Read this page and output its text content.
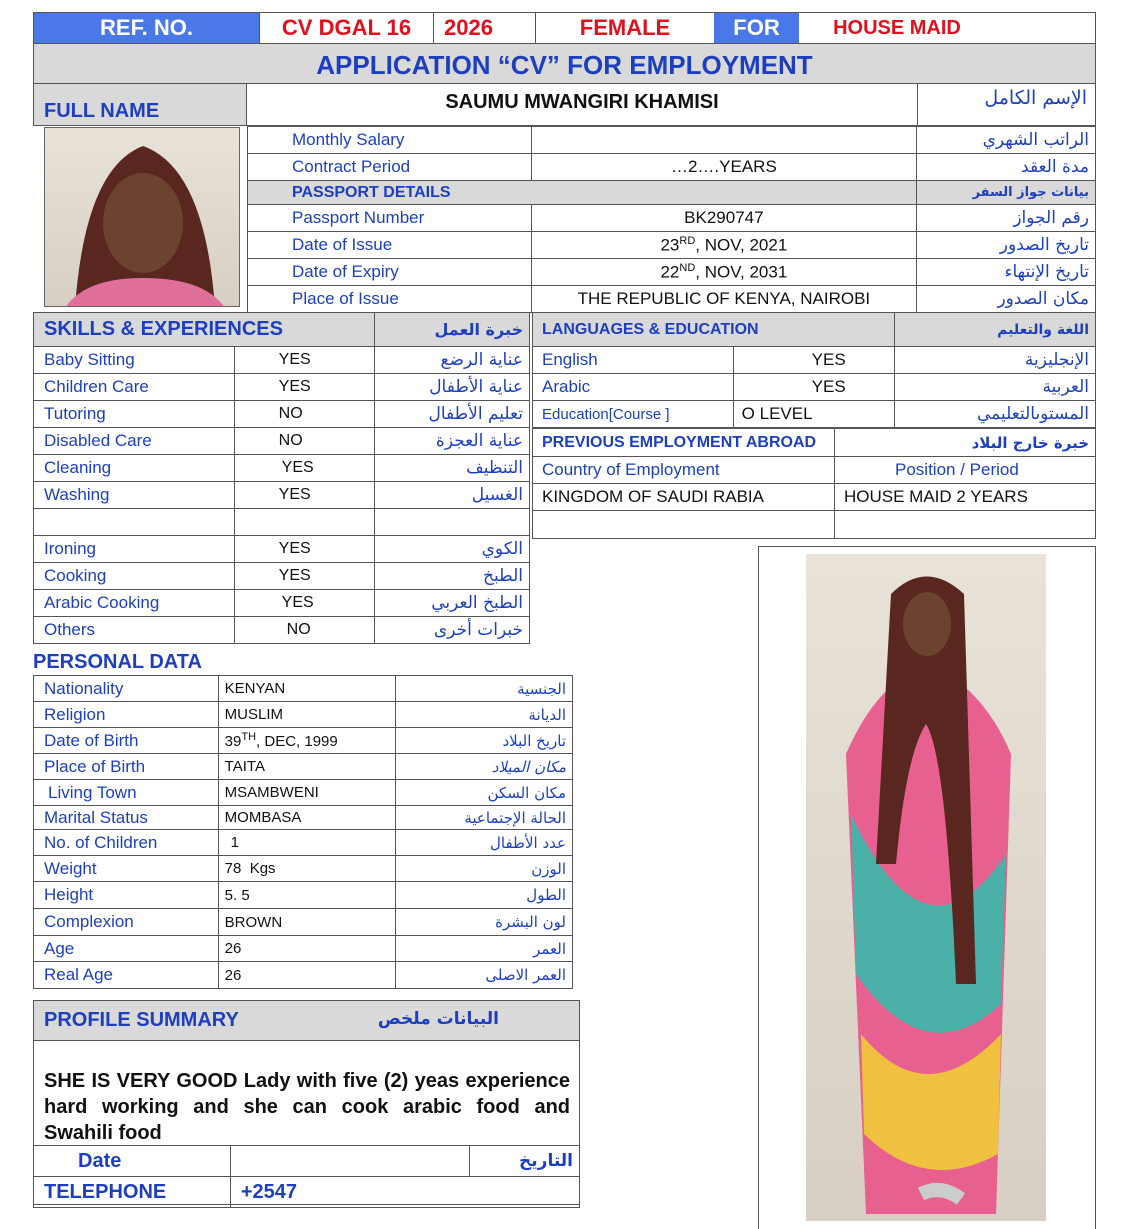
REF. NO.	CV DGAL 16	2026	FEMALE	FOR	HOUSE MAID
APPLICATION “CV” FOR EMPLOYMENT
FULL NAME	SAUMU MWANGIRI KHAMISI	الإسم الكامل
Monthly Salary		الراتب الشهري
Contract Period	…2….YEARS	مدة العقد
PASSPORT DETAILS		بيانات جواز السفر
Passport Number	BK290747	رقم الجواز
Date of Issue	23RD, NOV, 2021	تاريخ الصدور
Date of Expiry	22ND, NOV, 2031	تاريخ الإنتهاء
Place of Issue	THE REPUBLIC OF KENYA, NAIROBI	مكان الصدور
SKILLS & EXPERIENCES		خبرة العمل
Baby Sitting	YES	عناية الرضع
Children Care	YES	عناية الأطفال
Tutoring	NO	تعليم الأطفال
Disabled Care	NO	عناية العجزة
Cleaning	YES	التنظيف
Washing	YES	الغسيل

Ironing	YES	الكوي
Cooking	YES	الطبخ
Arabic Cooking	YES	الطبخ العربي
Others	NO	خبرات أخرى
LANGUAGES & EDUCATION		اللغة والتعليم
English	YES	الإنجليزية
Arabic	YES	العربية
Education[Course ]	O LEVEL	المستوىالتعليمي
PREVIOUS EMPLOYMENT ABROAD	خبرة خارج البلاد
Country of Employment	Position / Period
KINGDOM OF SAUDI RABIA	HOUSE MAID 2 YEARS

PERSONAL DATA
Nationality	KENYAN	الجنسية
Religion	MUSLIM	الديانة
Date of Birth	39TH, DEC, 1999	تاريخ البلاد
Place of Birth	TAITA	مكان الميلاد
Living Town	MSAMBWENI	مكان السكن
Marital Status	MOMBASA	الحالة الإجتماعية
No. of Children	1	عدد الأطفال
Weight	78  Kgs	الوزن
Height	5. 5	الطول
Complexion	BROWN	لون البشرة
Age	26	العمر
Real Age	26	العمر الاصلى
PROFILE SUMMARY	البيانات ملخص
SHE IS VERY GOOD Lady with five (2) yeas experience hard working and she can cook arabic food and Swahili food
Date		التاريخ
TELEPHONE	+2547	
